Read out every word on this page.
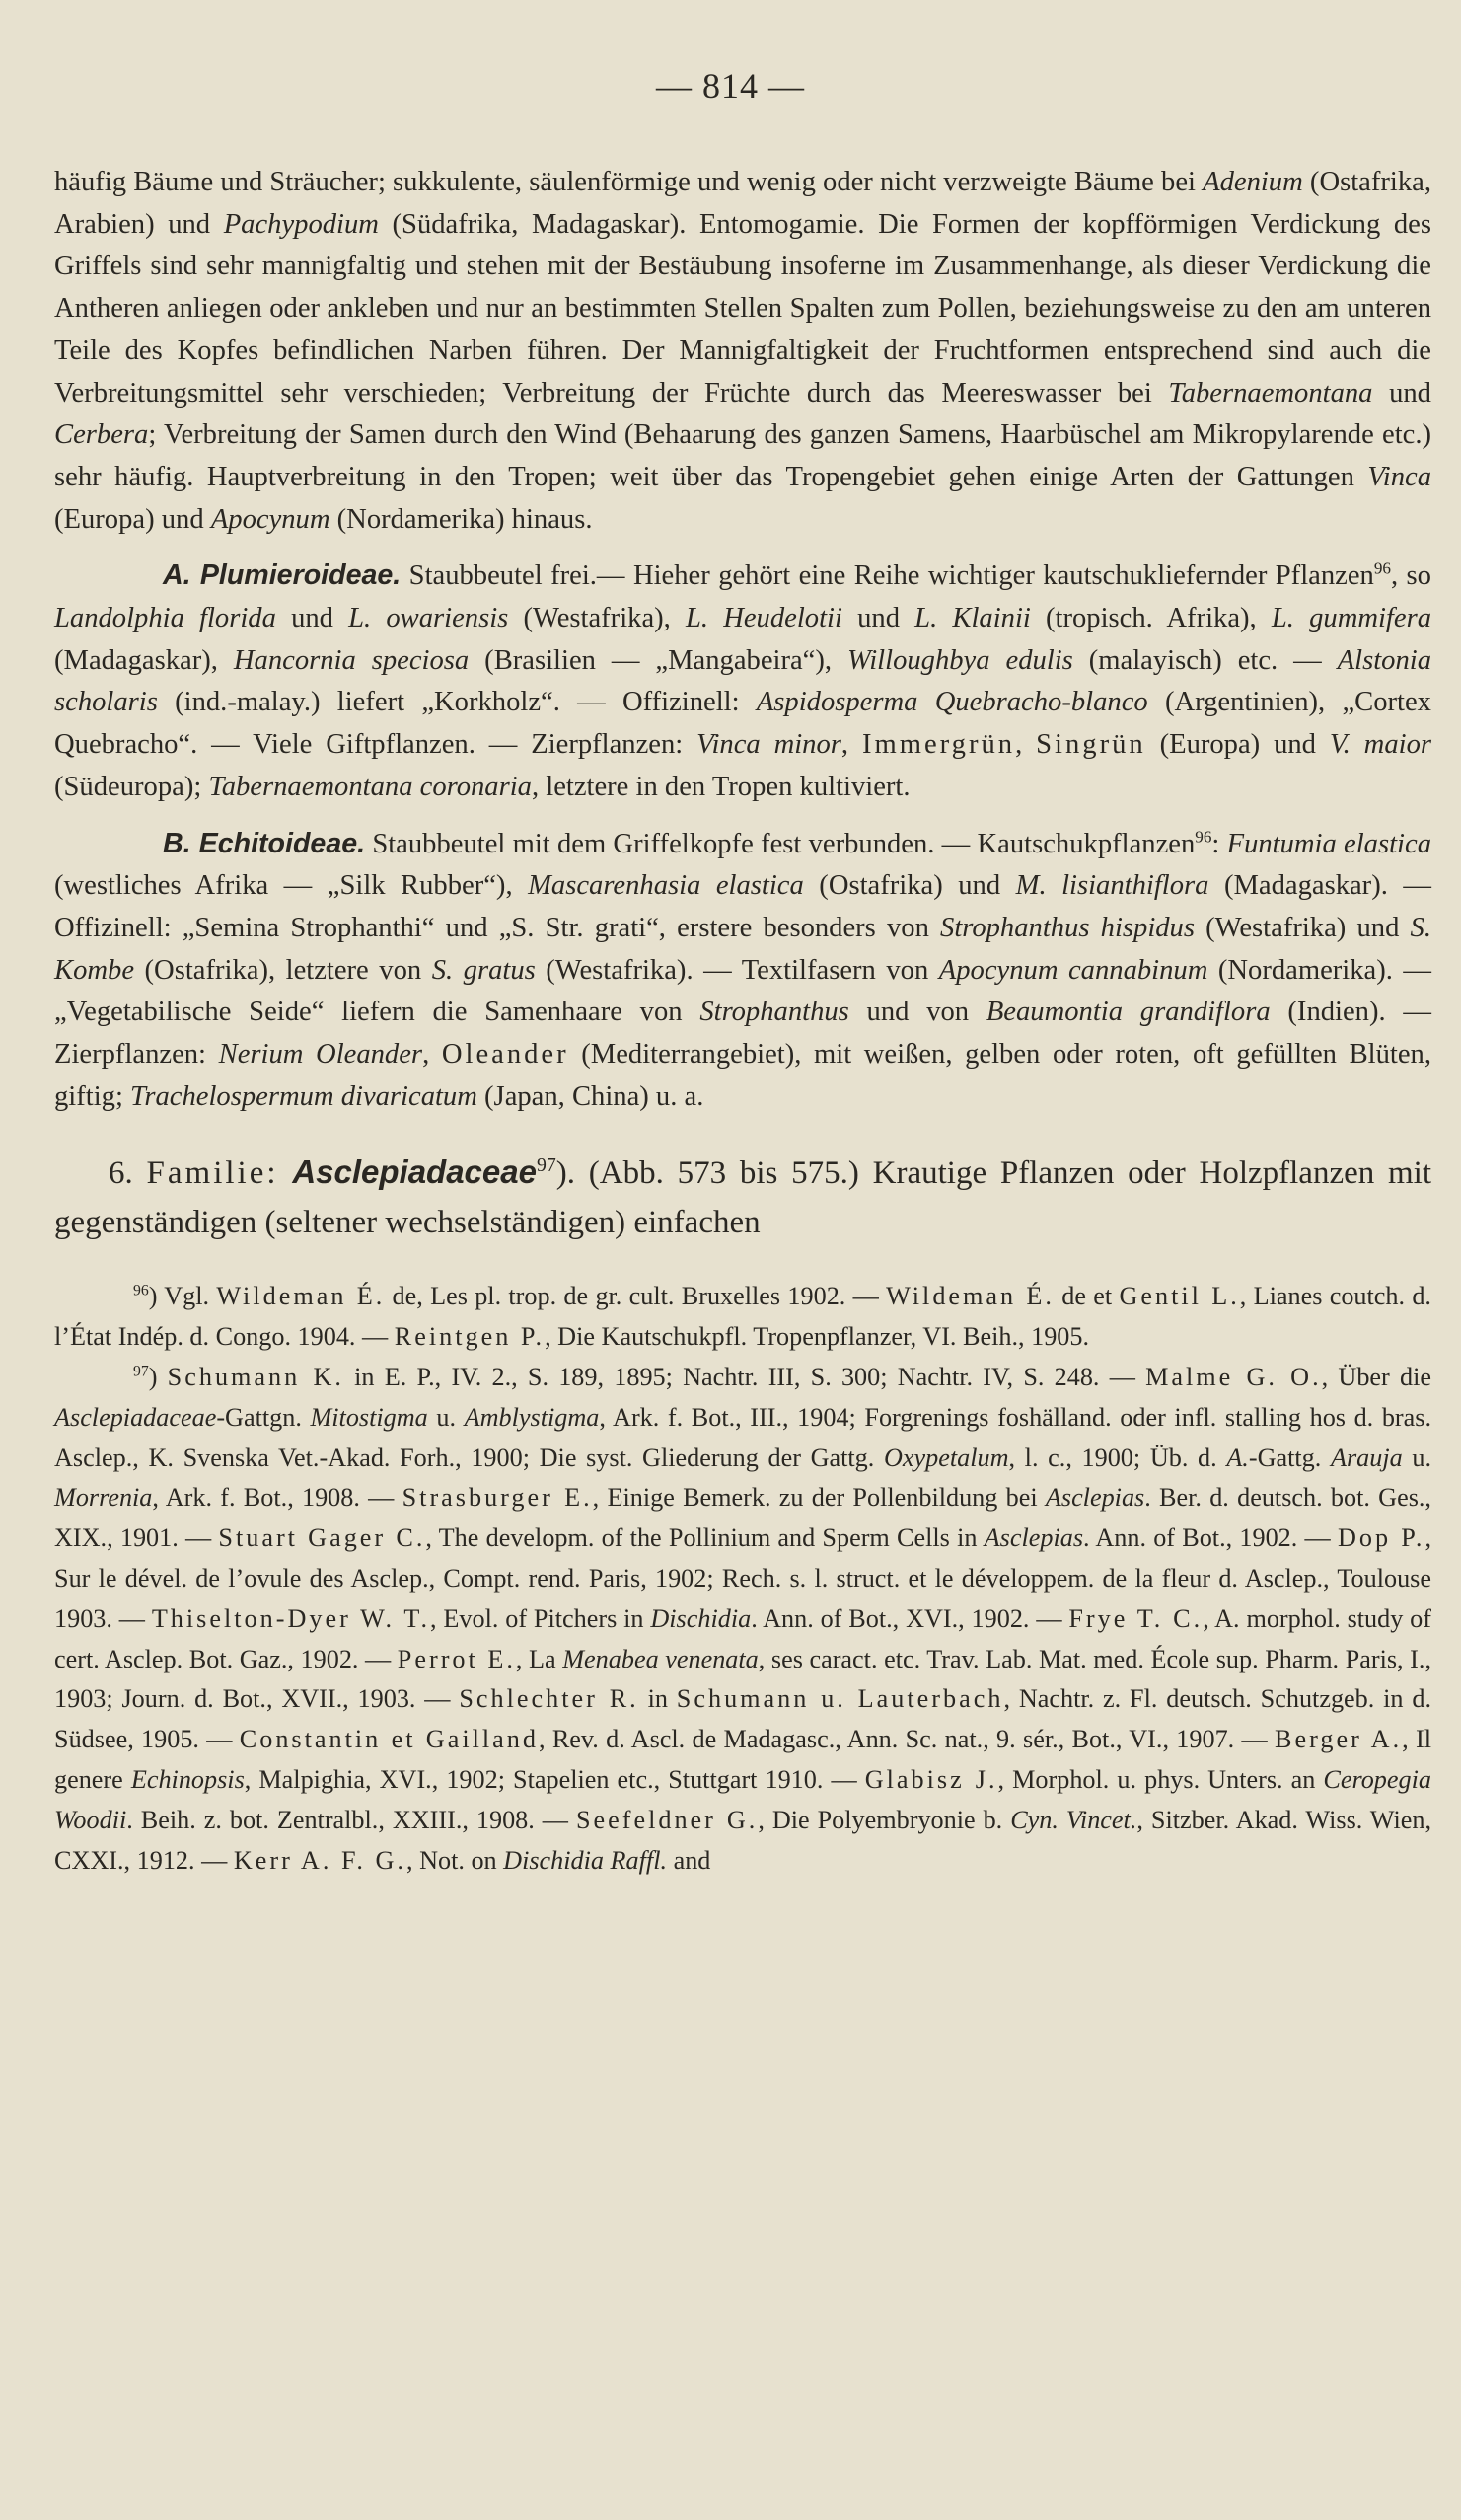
— 814 —

häufig Bäume und Sträucher; sukkulente, säulenförmige und wenig oder nicht verzweigte Bäume bei Adenium (Ostafrika, Arabien) und Pachypodium (Südafrika, Madagaskar). Entomogamie. Die Formen der kopfförmigen Verdickung des Griffels sind sehr mannigfaltig und stehen mit der Bestäubung insoferne im Zusammenhange, als dieser Verdickung die Antheren anliegen oder ankleben und nur an bestimmten Stellen Spalten zum Pollen, beziehungsweise zu den am unteren Teile des Kopfes befindlichen Narben führen. Der Mannigfaltigkeit der Fruchtformen entsprechend sind auch die Verbreitungsmittel sehr verschieden; Verbreitung der Früchte durch das Meereswasser bei Tabernaemontana und Cerbera; Verbreitung der Samen durch den Wind (Behaarung des ganzen Samens, Haarbüschel am Mikropylarende etc.) sehr häufig. Hauptverbreitung in den Tropen; weit über das Tropengebiet gehen einige Arten der Gattungen Vinca (Europa) und Apocynum (Nordamerika) hinaus.

A. Plumieroideae. Staubbeutel frei.— Hieher gehört eine Reihe wichtiger kautschukliefernder Pflanzen$^{96}$, so Landolphia florida und L. owariensis (Westafrika), L. Heudelotii und L. Klainii (tropisch. Afrika), L. gummifera (Madagaskar), Hancornia speciosa (Brasilien — „Mangabeira“), Willoughbya edulis (malayisch) etc. — Alstonia scholaris (ind.-malay.) liefert „Korkholz“. — Offizinell: Aspidosperma Quebracho-blanco (Argentinien), „Cortex Quebracho“. — Viele Giftpflanzen. — Zierpflanzen: Vinca minor, Immergrün, Singrün (Europa) und V. maior (Südeuropa); Tabernaemontana coronaria, letztere in den Tropen kultiviert.

B. Echitoideae. Staubbeutel mit dem Griffelkopfe fest verbunden. — Kautschukpflanzen$^{96}$: Funtumia elastica (westliches Afrika — „Silk Rubber“), Mascarenhasia elastica (Ostafrika) und M. lisianthiflora (Madagaskar). — Offizinell: „Semina Strophanthi“ und „S. Str. grati“, erstere besonders von Strophanthus hispidus (Westafrika) und S. Kombe (Ostafrika), letztere von S. gratus (Westafrika). — Textilfasern von Apocynum cannabinum (Nordamerika). — „Vegetabilische Seide“ liefern die Samenhaare von Strophanthus und von Beaumontia grandiflora (Indien). — Zierpflanzen: Nerium Oleander, Oleander (Mediterrangebiet), mit weißen, gelben oder roten, oft gefüllten Blüten, giftig; Trachelospermum divaricatum (Japan, China) u. a.

6. Familie: Asclepiadaceae$^{97}$). (Abb. 573 bis 575.) Krautige Pflanzen oder Holzpflanzen mit gegenständigen (seltener wechselständigen) einfachen

$^{96}$) Vgl. Wildeman É. de, Les pl. trop. de gr. cult. Bruxelles 1902. — Wildeman É. de et Gentil L., Lianes coutch. d. l’État Indép. d. Congo. 1904. — Reintgen P., Die Kautschukpfl. Tropenpflanzer, VI. Beih., 1905.

$^{97}$) Schumann K. in E. P., IV. 2., S. 189, 1895; Nachtr. III, S. 300; Nachtr. IV, S. 248. — Malme G. O., Über die Asclepiadaceae-Gattgn. Mitostigma u. Amblystigma, Ark. f. Bot., III., 1904; Forgrenings foshälland. oder infl. stalling hos d. bras. Asclep., K. Svenska Vet.-Akad. Forh., 1900; Die syst. Gliederung der Gattg. Oxypetalum, l. c., 1900; Üb. d. A.-Gattg. Arauja u. Morrenia, Ark. f. Bot., 1908. — Strasburger E., Einige Bemerk. zu der Pollenbildung bei Asclepias. Ber. d. deutsch. bot. Ges., XIX., 1901. — Stuart Gager C., The developm. of the Pollinium and Sperm Cells in Asclepias. Ann. of Bot., 1902. — Dop P., Sur le dével. de l’ovule des Asclep., Compt. rend. Paris, 1902; Rech. s. l. struct. et le développem. de la fleur d. Asclep., Toulouse 1903. — Thiselton-Dyer W. T., Evol. of Pitchers in Dischidia. Ann. of Bot., XVI., 1902. — Frye T. C., A. morphol. study of cert. Asclep. Bot. Gaz., 1902. — Perrot E., La Menabea venenata, ses caract. etc. Trav. Lab. Mat. med. École sup. Pharm. Paris, I., 1903; Journ. d. Bot., XVII., 1903. — Schlechter R. in Schumann u. Lauterbach, Nachtr. z. Fl. deutsch. Schutzgeb. in d. Südsee, 1905. — Constantin et Gailland, Rev. d. Ascl. de Madagasc., Ann. Sc. nat., 9. sér., Bot., VI., 1907. — Berger A., Il genere Echinopsis, Malpighia, XVI., 1902; Stapelien etc., Stuttgart 1910. — Glabisz J., Morphol. u. phys. Unters. an Ceropegia Woodii. Beih. z. bot. Zentralbl., XXIII., 1908. — Seefeldner G., Die Polyembryonie b. Cyn. Vincet., Sitzber. Akad. Wiss. Wien, CXXI., 1912. — Kerr A. F. G., Not. on Dischidia Raffl. and
